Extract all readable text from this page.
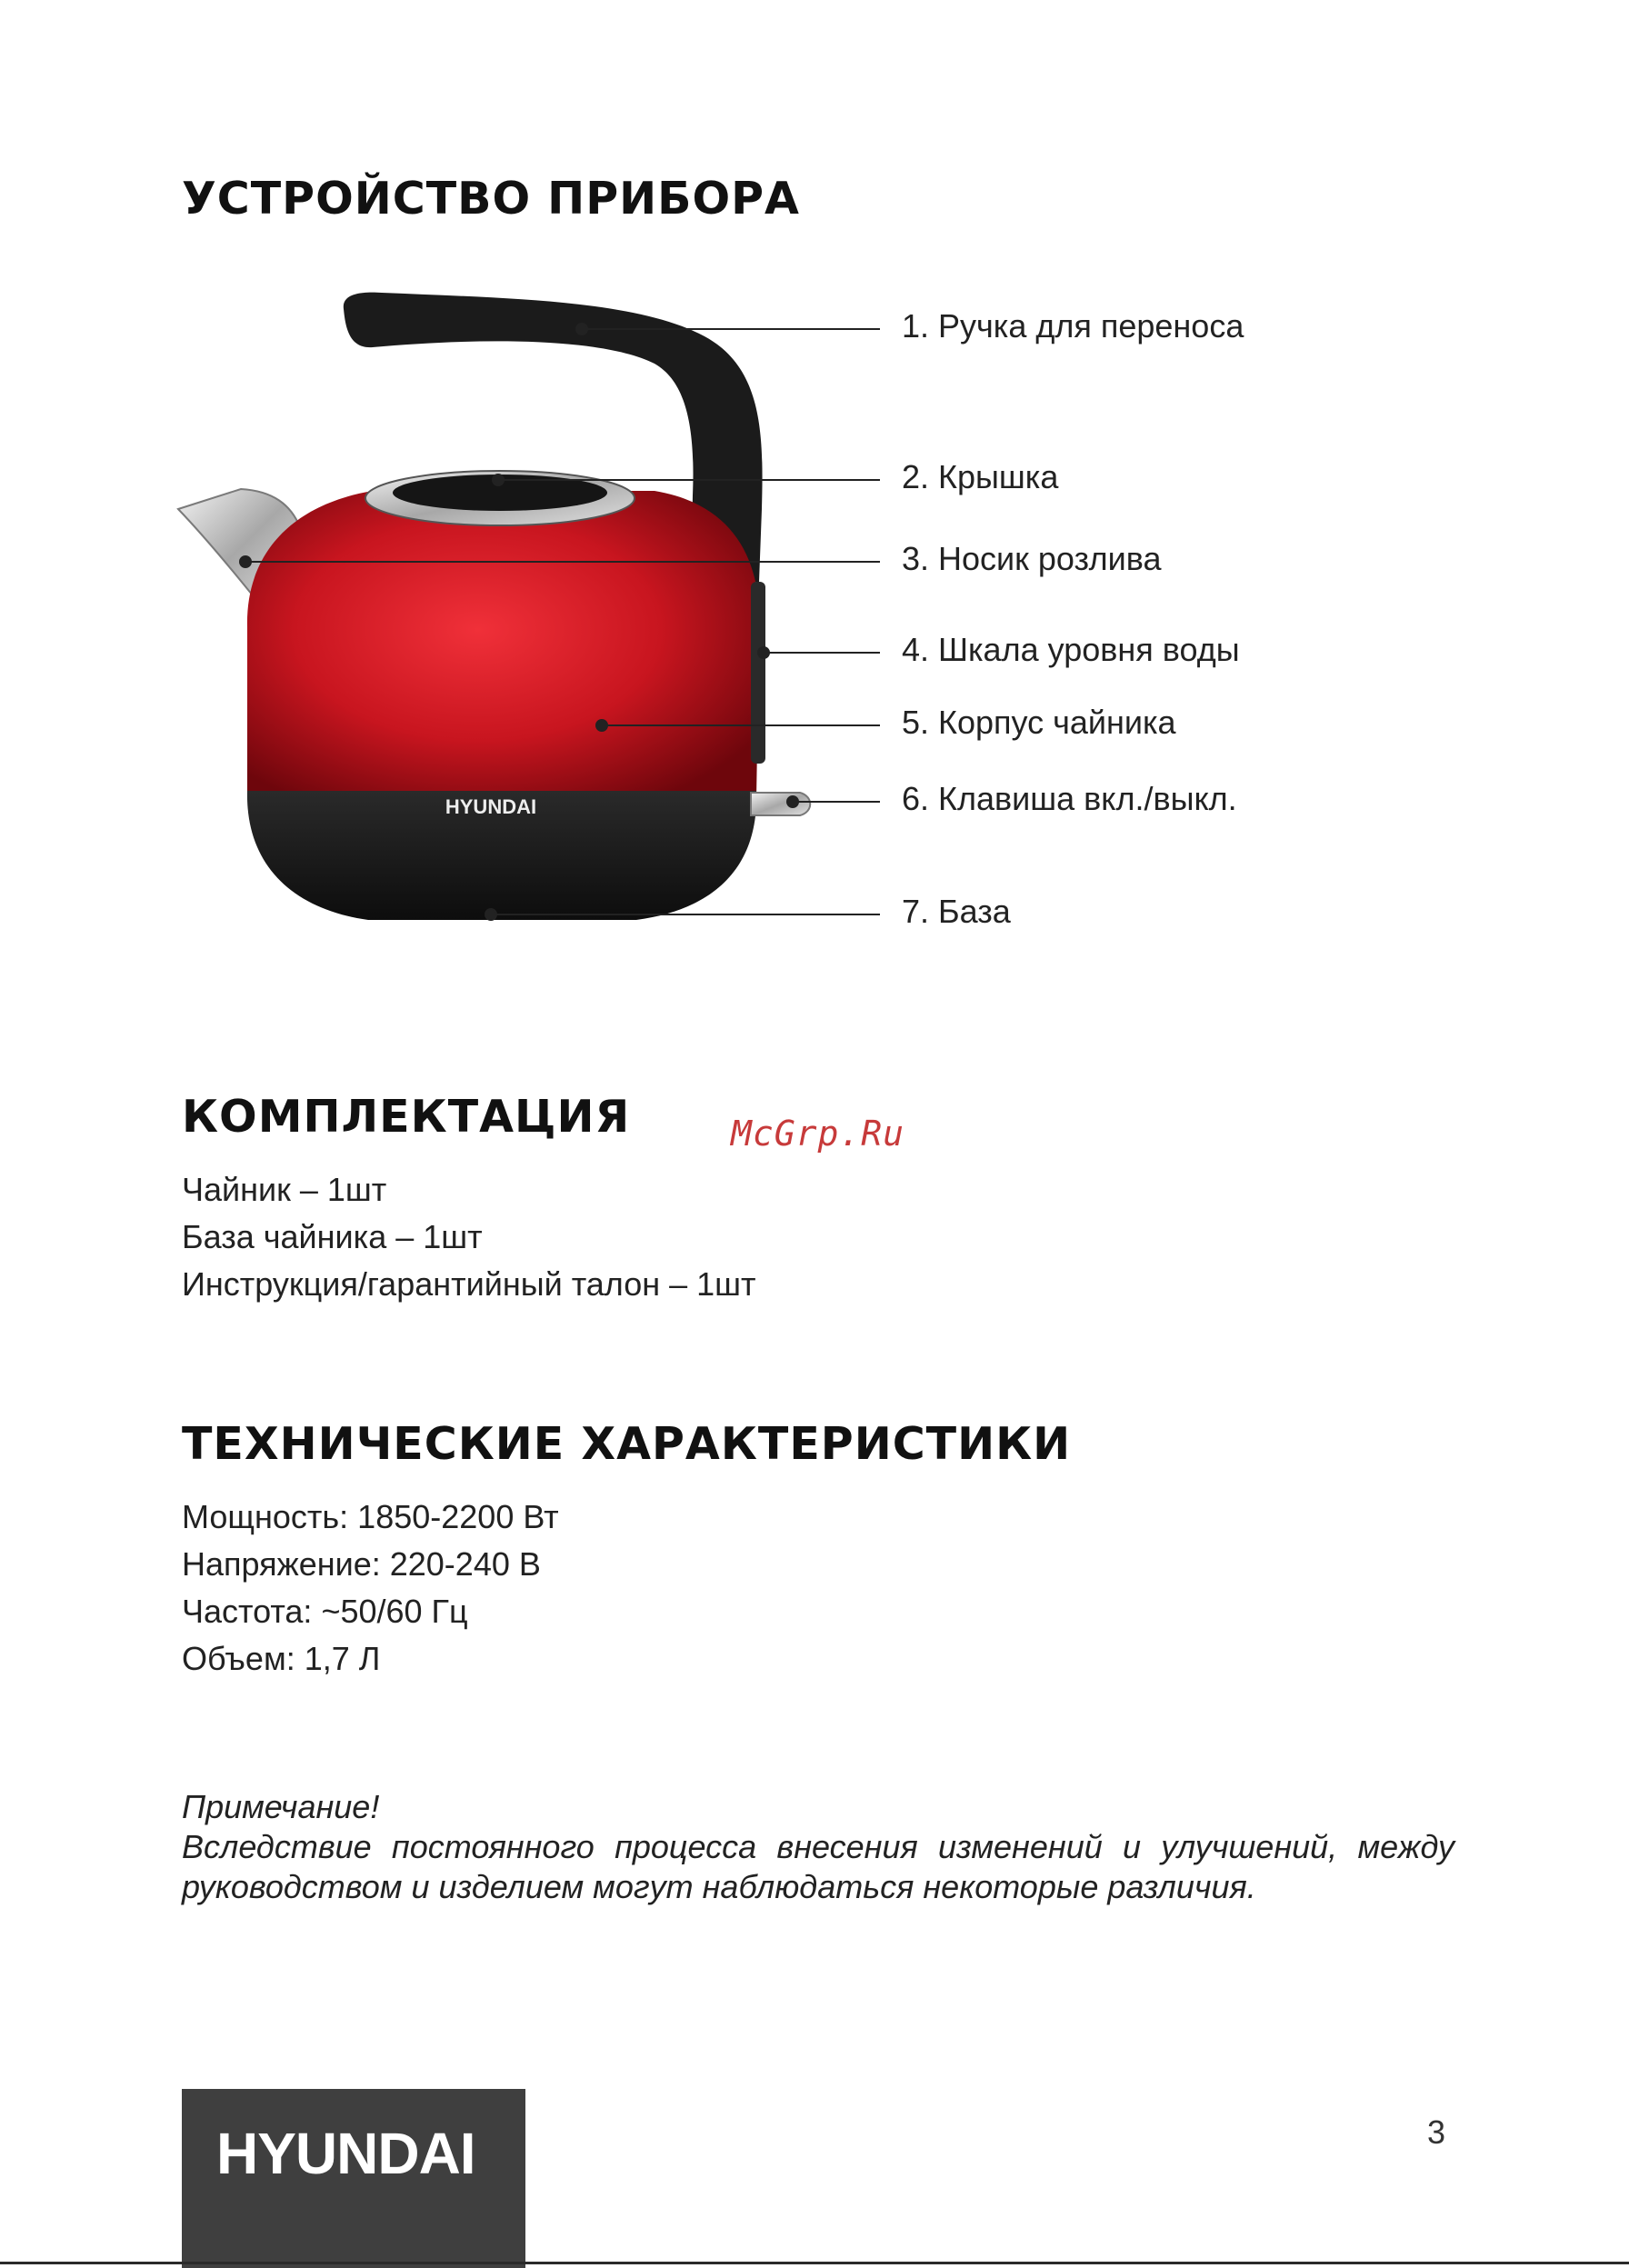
УСТРОЙСТВО ПРИБОРА
HYUNDAI
1. Ручка для переноса
2. Крышка
3. Носик розлива
4. Шкала уровня воды
5. Корпус чайника
6. Клавиша вкл./выкл.
7. База
КОМПЛЕКТАЦИЯ	McGrp.Ru
Чайник – 1шт
База чайника – 1шт
Инструкция/гарантийный талон – 1шт
ТЕХНИЧЕСКИЕ ХАРАКТЕРИСТИКИ
Мощность: 1850-2200 Вт
Напряжение: 220-240 В
Частота: ~50/60 Гц
Объем: 1,7 Л
Примечание!
Вследствие постоянного процесса внесения изменений и улучшений, между руководством и изделием могут наблюдаться некоторые различия.
HYUNDAI	3
